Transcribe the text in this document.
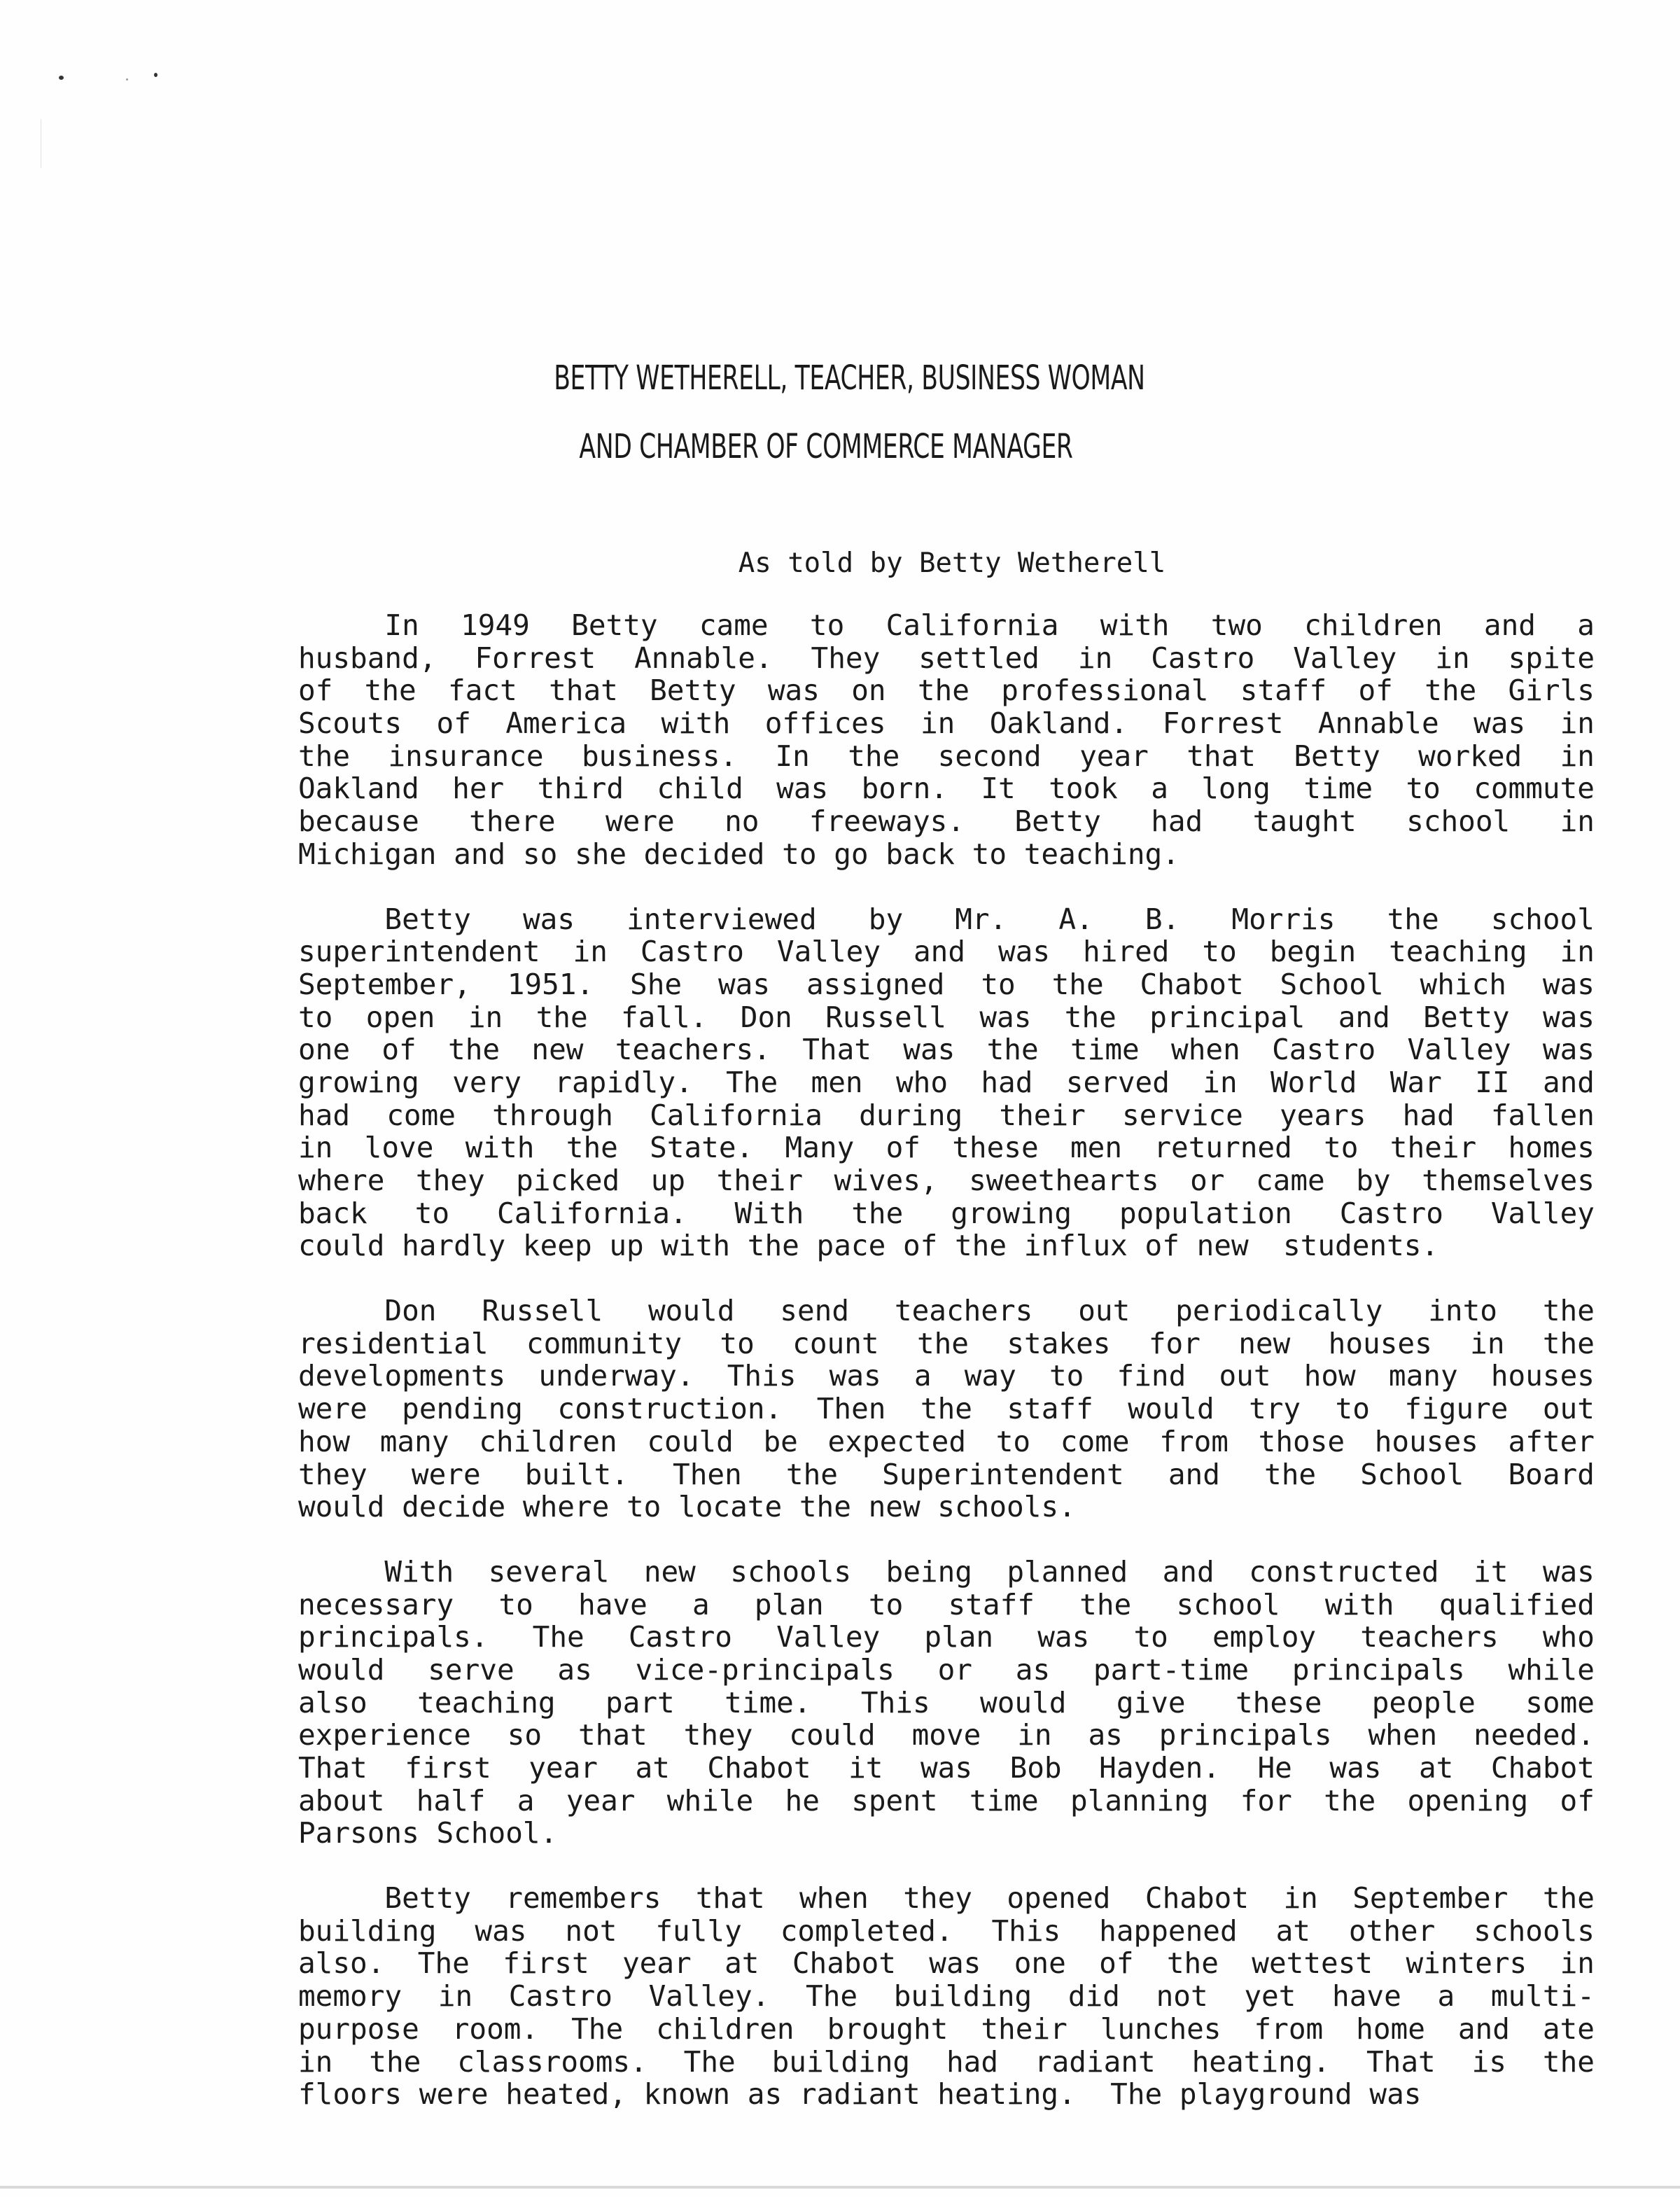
BETTY WETHERELL, TEACHER, BUSINESS WOMAN
AND CHAMBER OF COMMERCE MANAGER
As told by Betty Wetherell

In 1949 Betty came to California with two children and a
husband, Forrest Annable. They settled in Castro Valley in spite
of the fact that Betty was on the professional staff of the Girls
Scouts of America with offices in Oakland. Forrest Annable was in
the insurance business. In the second year that Betty worked in
Oakland her third child was born. It took a long time to commute
because there were no freeways. Betty had taught school in
Michigan and so she decided to go back to teaching.

Betty was interviewed by Mr. A. B. Morris the school
superintendent in Castro Valley and was hired to begin teaching in
September, 1951. She was assigned to the Chabot School which was
to open in the fall. Don Russell was the principal and Betty was
one of the new teachers. That was the time when Castro Valley was
growing very rapidly. The men who had served in World War II and
had come through California during their service years had fallen
in love with the State. Many of these men returned to their homes
where they picked up their wives, sweethearts or came by themselves
back to California. With the growing population Castro Valley
could hardly keep up with the pace of the influx of new  students.

Don Russell would send teachers out periodically into the
residential community to count the stakes for new houses in the
developments underway. This was a way to find out how many houses
were pending construction. Then the staff would try to figure out
how many children could be expected to come from those houses after
they were built. Then the Superintendent and the School Board
would decide where to locate the new schools.

With several new schools being planned and constructed it was
necessary to have a plan to staff the school with qualified
principals. The Castro Valley plan was to employ teachers who
would serve as vice-principals or as part-time principals while
also teaching part time. This would give these people some
experience so that they could move in as principals when needed.
That first year at Chabot it was Bob Hayden. He was at Chabot
about half a year while he spent time planning for the opening of
Parsons School.

Betty remembers that when they opened Chabot in September the
building was not fully completed. This happened at other schools
also. The first year at Chabot was one of the wettest winters in
memory in Castro Valley. The building did not yet have a multi-
purpose room. The children brought their lunches from home and ate
in the classrooms. The building had radiant heating. That is the
floors were heated, known as radiant heating.  The playground was
